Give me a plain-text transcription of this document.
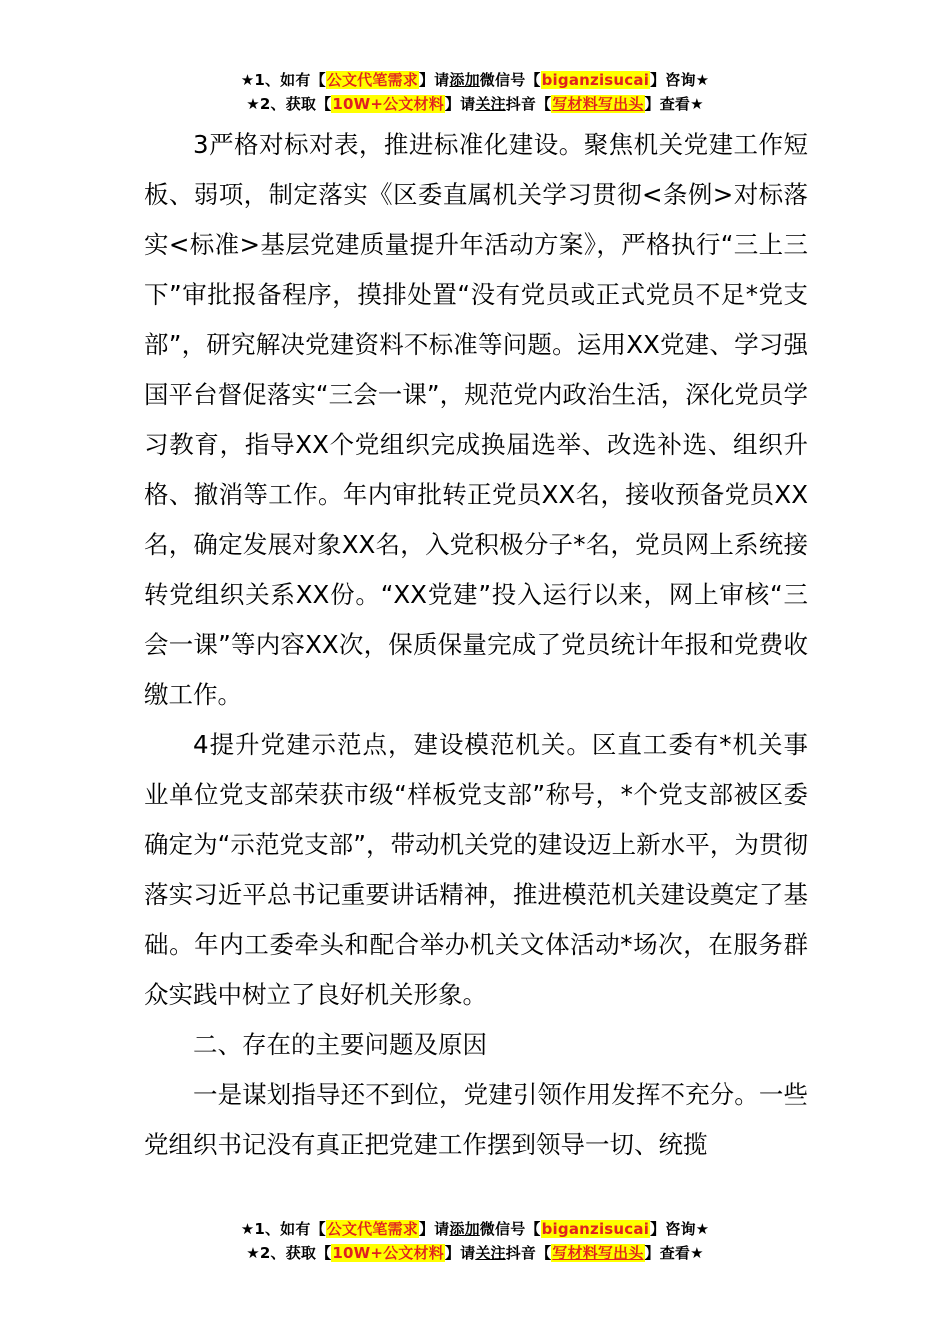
★1、如有【公文代笔需求】请添加微信号【biganzisucai】咨询★
★2、获取【10W+公文材料】请关注抖音【写材料写出头】查看★

3严格对标对表，推进标准化建设。聚焦机关党建工作短板、弱项，制定落实《区委直属机关学习贯彻<条例>对标落实<标准>基层党建质量提升年活动方案》，严格执行“三上三下”审批报备程序，摸排处置“没有党员或正式党员不足*党支部”，研究解决党建资料不标准等问题。运用XX党建、学习强国平台督促落实“三会一课”，规范党内政治生活，深化党员学习教育，指导XX个党组织完成换届选举、改选补选、组织升格、撤消等工作。年内审批转正党员XX名，接收预备党员XX名，确定发展对象XX名，入党积极分子*名，党员网上系统接转党组织关系XX份。“XX党建”投入运行以来，网上审核“三会一课”等内容XX次，保质保量完成了党员统计年报和党费收缴工作。

4提升党建示范点，建设模范机关。区直工委有*机关事业单位党支部荣获市级“样板党支部”称号，*个党支部被区委确定为“示范党支部”，带动机关党的建设迈上新水平，为贯彻落实习近平总书记重要讲话精神，推进模范机关建设奠定了基础。年内工委牵头和配合举办机关文体活动*场次，在服务群众实践中树立了良好机关形象。

二、存在的主要问题及原因

一是谋划指导还不到位，党建引领作用发挥不充分。一些党组织书记没有真正把党建工作摆到领导一切、统揽

★1、如有【公文代笔需求】请添加微信号【biganzisucai】咨询★
★2、获取【10W+公文材料】请关注抖音【写材料写出头】查看★
